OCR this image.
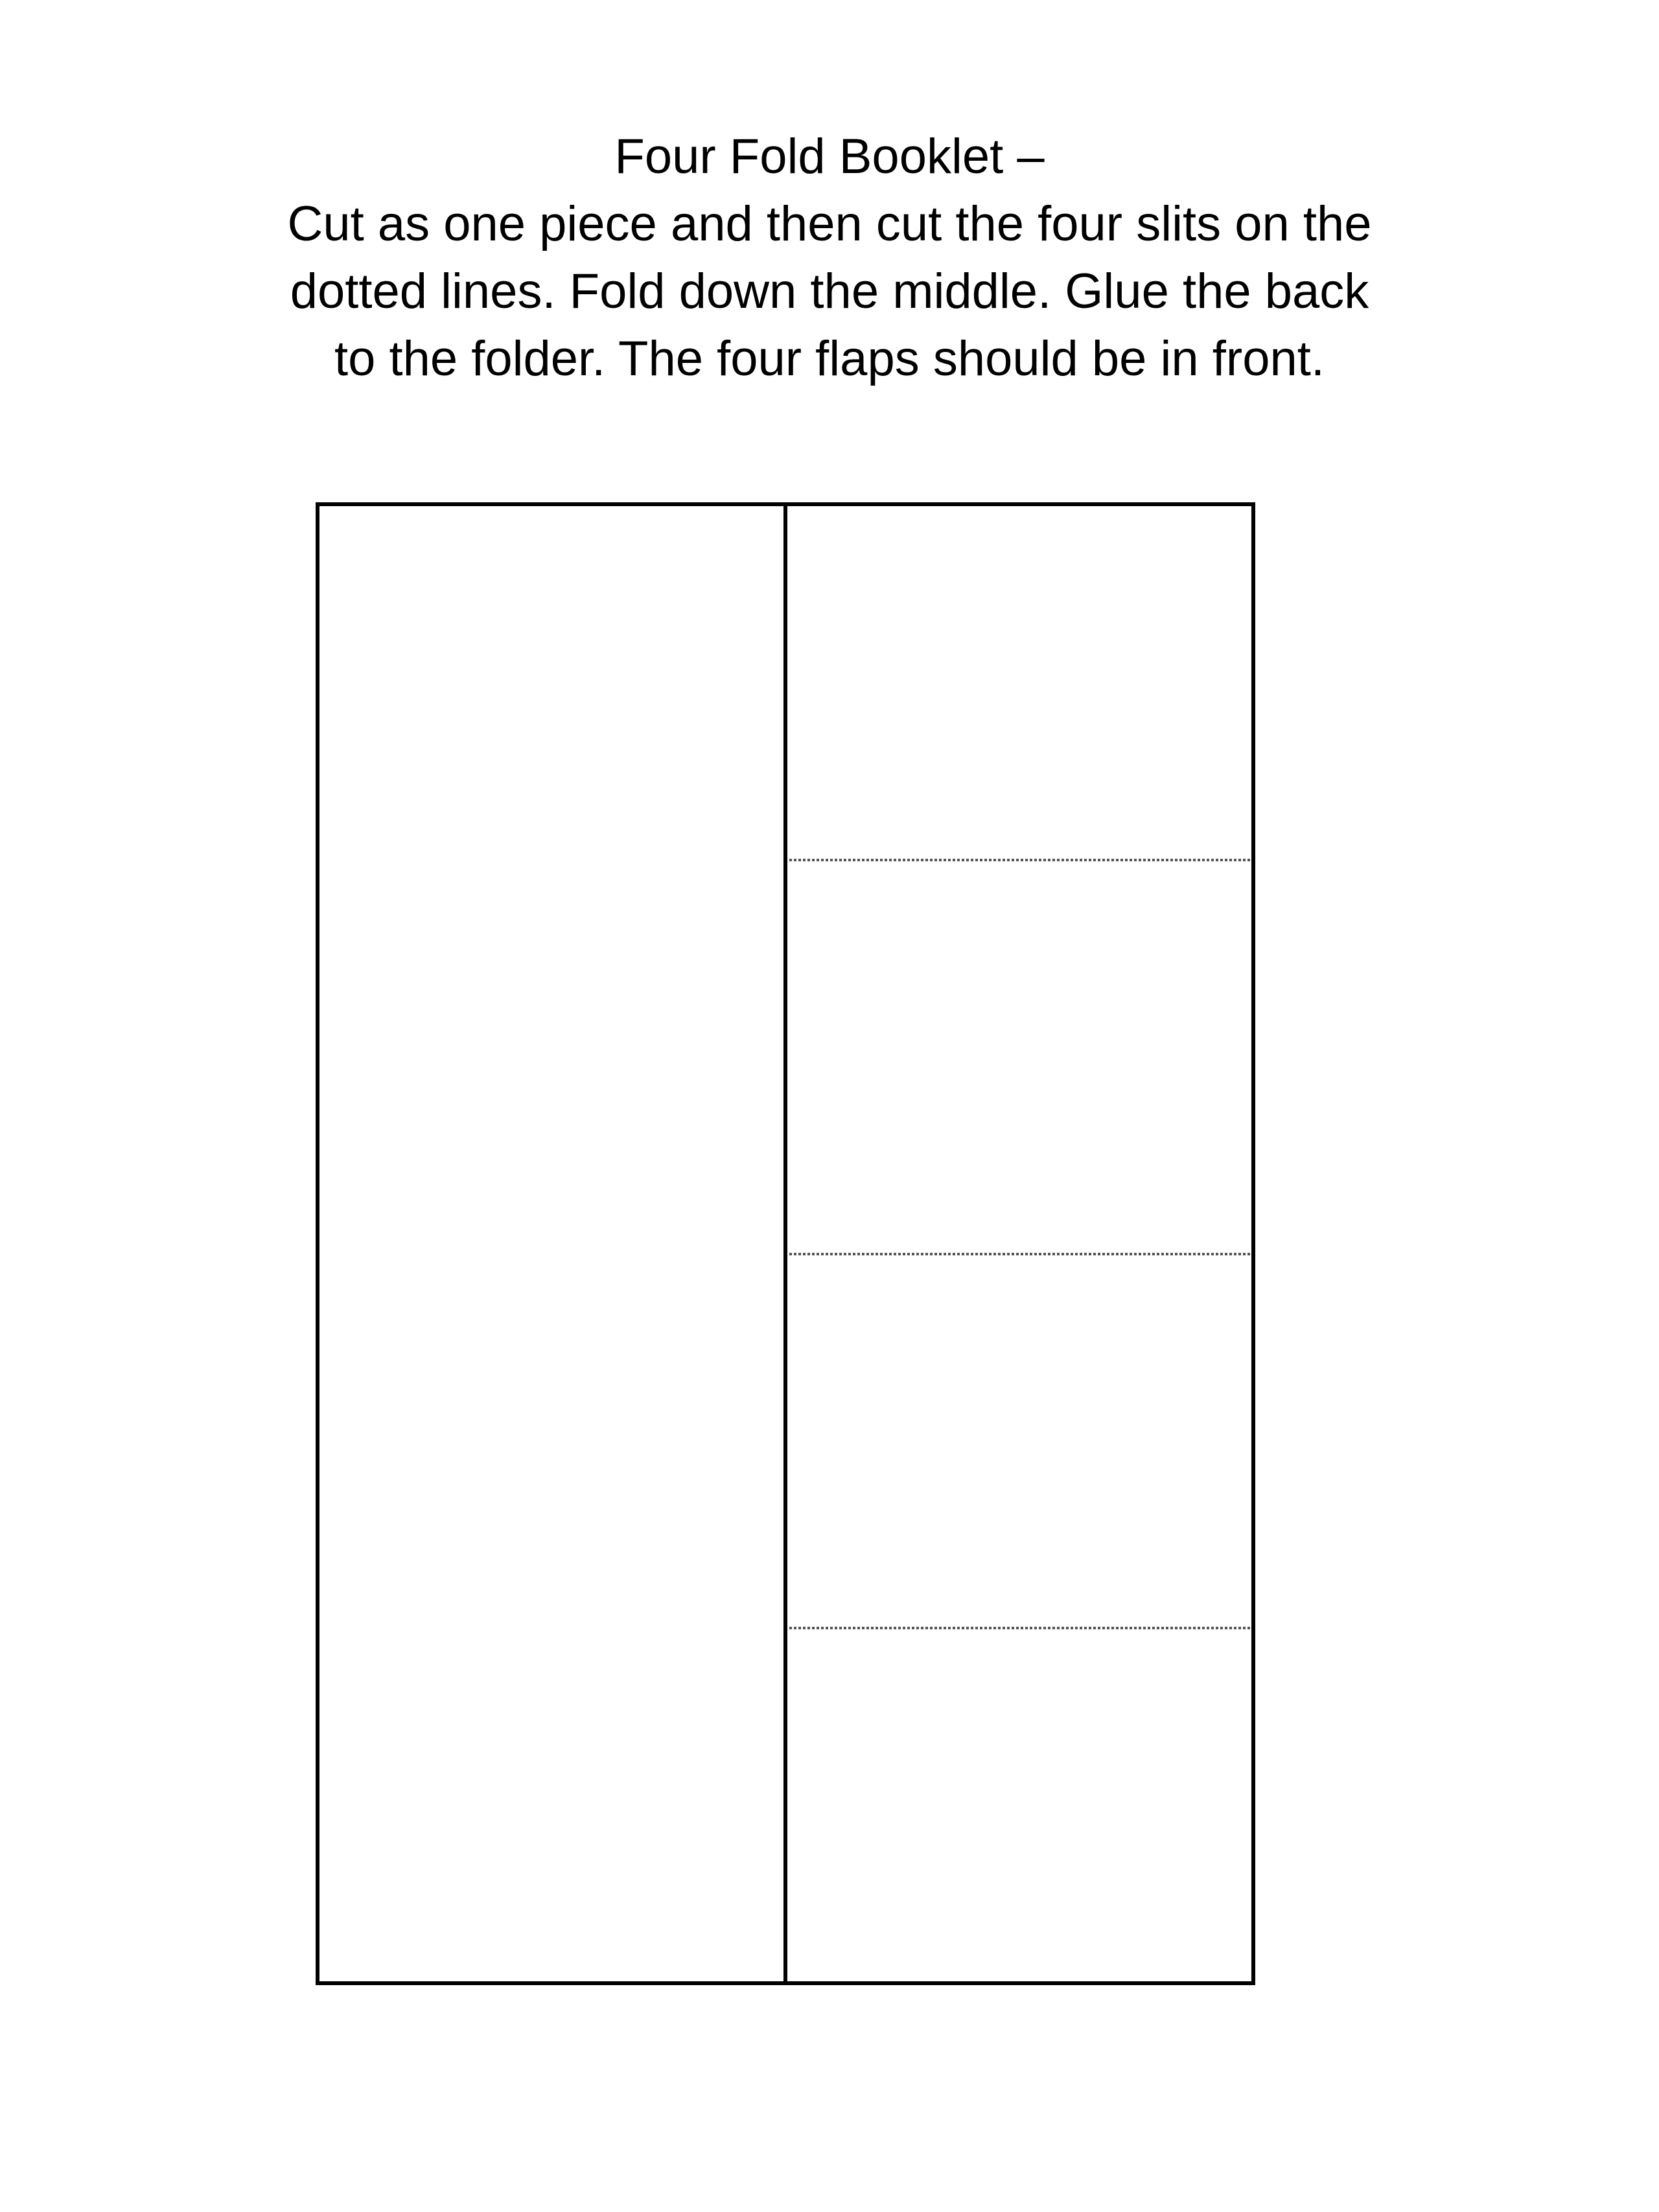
Four Fold Booklet –
Cut as one piece and then cut the four slits on the
dotted lines. Fold down the middle. Glue the back
to the folder. The four flaps should be in front.
